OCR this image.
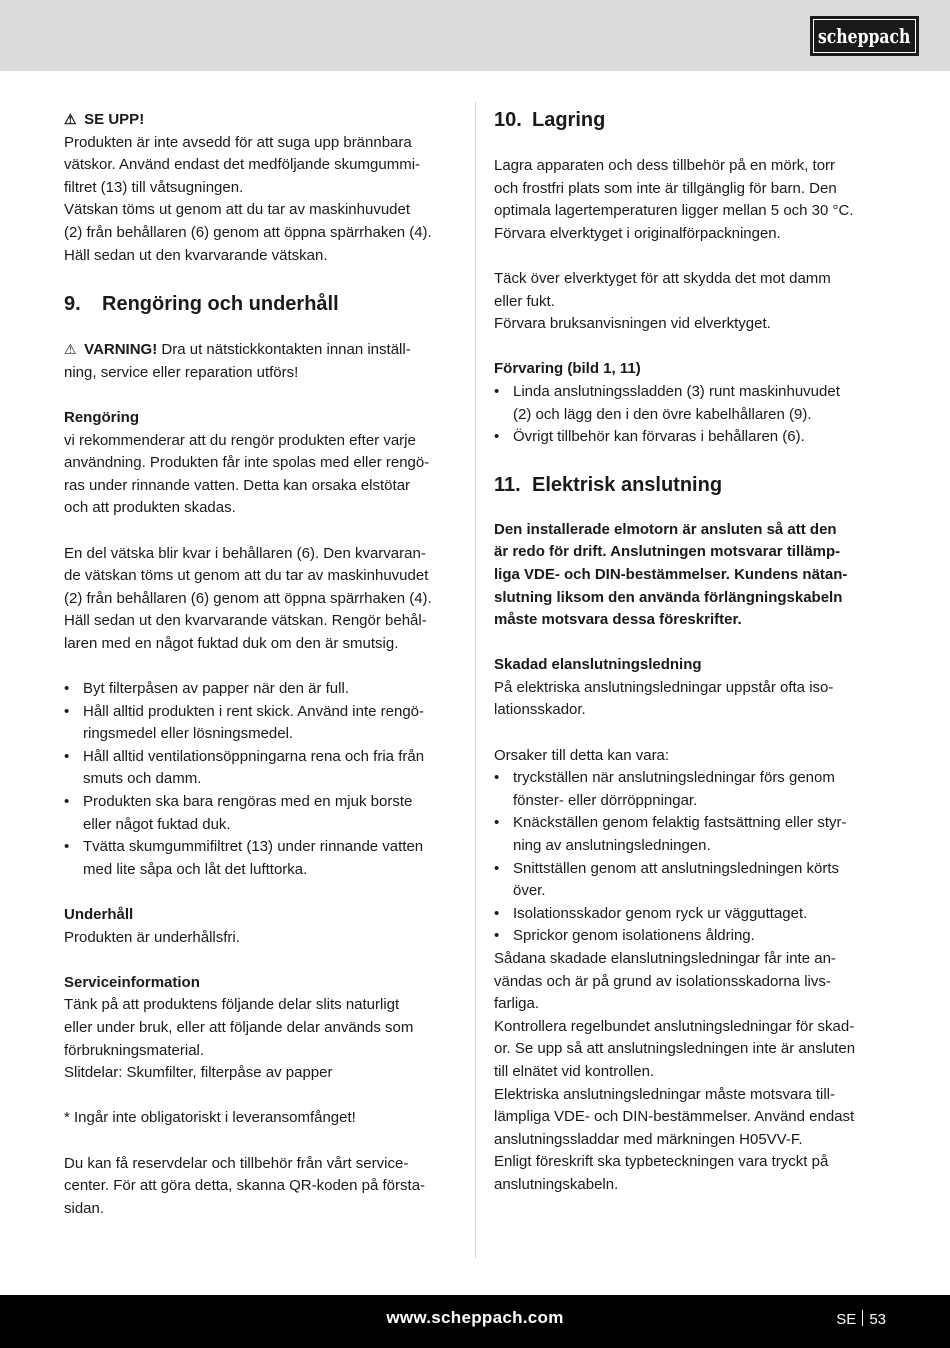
scheppach

⚠ SE UPP!

Produkten är inte avsedd för att suga upp brännbara

vätskor. Använd endast det medföljande skumgummi-

filtret (13) till våtsugningen.

Vätskan töms ut genom att du tar av maskinhuvudet

(2) från behållaren (6) genom att öppna spärrhaken (4).

Häll sedan ut den kvarvarande vätskan.

9. Rengöring och underhåll

⚠ VARNING! Dra ut nätstickkontakten innan inställ-

ning, service eller reparation utförs!

Rengöring

vi rekommenderar att du rengör produkten efter varje

användning. Produkten får inte spolas med eller rengö-

ras under rinnande vatten. Detta kan orsaka elstötar

och att produkten skadas.

En del vätska blir kvar i behållaren (6). Den kvarvaran-

de vätskan töms ut genom att du tar av maskinhuvudet

(2) från behållaren (6) genom att öppna spärrhaken (4).

Häll sedan ut den kvarvarande vätskan. Rengör behål-

laren med en något fuktad duk om den är smutsig.

• Byt filterpåsen av papper när den är full.

• Håll alltid produkten i rent skick. Använd inte rengö-

ringsmedel eller lösningsmedel.

• Håll alltid ventilationsöppningarna rena och fria från

smuts och damm.

• Produkten ska bara rengöras med en mjuk borste

eller något fuktad duk.

• Tvätta skumgummifiltret (13) under rinnande vatten

med lite såpa och låt det lufttorka.

Underhåll

Produkten är underhållsfri.

Serviceinformation

Tänk på att produktens följande delar slits naturligt

eller under bruk, eller att följande delar används som

förbrukningsmaterial.

Slitdelar: Skumfilter, filterpåse av papper

* Ingår inte obligatoriskt i leveransomfånget!

Du kan få reservdelar och tillbehör från vårt service-

center. För att göra detta, skanna QR-koden på första-

sidan.

10. Lagring

Lagra apparaten och dess tillbehör på en mörk, torr

och frostfri plats som inte är tillgänglig för barn. Den

optimala lagertemperaturen ligger mellan 5 och 30 °C.

Förvara elverktyget i originalförpackningen.

Täck över elverktyget för att skydda det mot damm

eller fukt.

Förvara bruksanvisningen vid elverktyget.

Förvaring (bild 1, 11)

• Linda anslutningssladden (3) runt maskinhuvudet

(2) och lägg den i den övre kabelhållaren (9).

• Övrigt tillbehör kan förvaras i behållaren (6).

11. Elektrisk anslutning

Den installerade elmotorn är ansluten så att den

är redo för drift. Anslutningen motsvarar tillämp-

liga VDE- och DIN-bestämmelser. Kundens nätan-

slutning liksom den använda förlängningskabeln

måste motsvara dessa föreskrifter.

Skadad elanslutningsledning

På elektriska anslutningsledningar uppstår ofta iso-

lationsskador.

Orsaker till detta kan vara:

• tryckställen när anslutningsledningar förs genom

fönster- eller dörröppningar.

• Knäckställen genom felaktig fastsättning eller styr-

ning av anslutningsledningen.

• Snittställen genom att anslutningsledningen körts

över.

• Isolationsskador genom ryck ur vägguttaget.

• Sprickor genom isolationens åldring.

Sådana skadade elanslutningsledningar får inte an-

vändas och är på grund av isolationsskadorna livs-

farliga.

Kontrollera regelbundet anslutningsledningar för skad-

or. Se upp så att anslutningsledningen inte är ansluten

till elnätet vid kontrollen.

Elektriska anslutningsledningar måste motsvara till-

lämpliga VDE- och DIN-bestämmelser. Använd endast

anslutningssladdar med märkningen H05VV-F.

Enligt föreskrift ska typbeteckningen vara tryckt på

anslutningskabeln.

www.scheppach.com	SE 53
